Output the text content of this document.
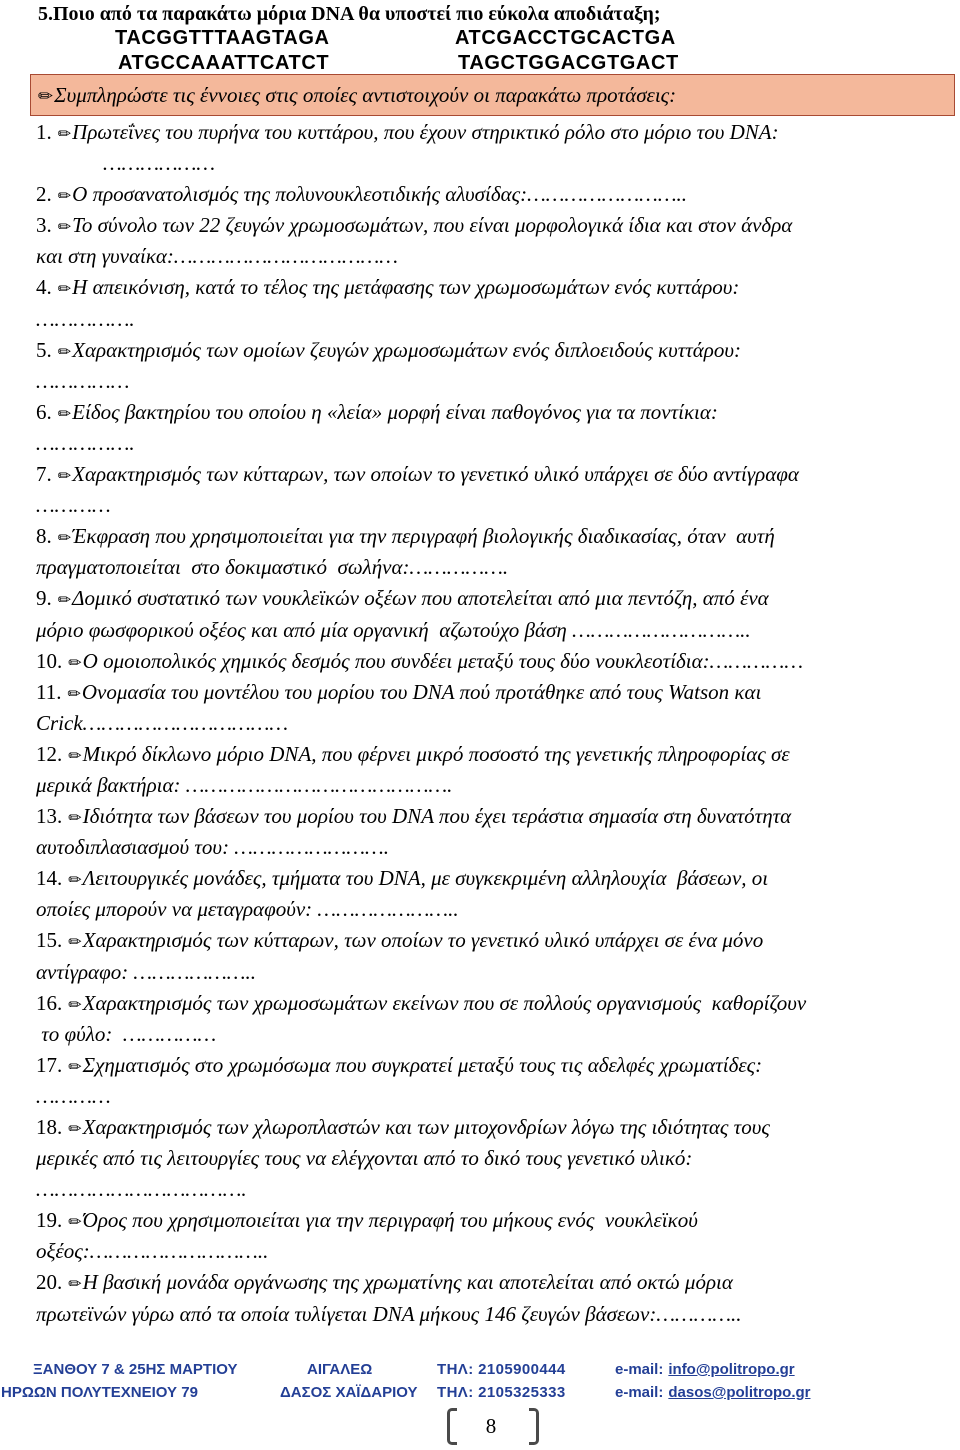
5.Ποιο από τα παρακάτω μόρια DNA θα υποστεί πιο εύκολα αποδιάταξη;
TACGGTTTAAGTAGA	ATCGACCTGCACTGA
ATGCCAAATTCATCT	TAGCTGGACGTGACT
✏ Συμπληρώστε τις έννοιες στις οποίες αντιστοιχούν οι παρακάτω προτάσεις:
1. ✏ Πρωτεΐνες του πυρήνα του κυττάρου, που έχουν στηρικτικό ρόλο στο μόριο του DNA:
………………
2. ✏ Ο προσανατολισμός της πολυνουκλεοτιδικής αλυσίδας:……………………..
3. ✏ Το σύνολο των 22 ζευγών χρωμοσωμάτων, που είναι μορφολογικά ίδια και στον άνδρα
και στη γυναίκα:………………………………
4. ✏ Η απεικόνιση, κατά το τέλος της μετάφασης των χρωμοσωμάτων ενός κυττάρου:
…………….
5. ✏ Χαρακτηρισμός των ομοίων ζευγών χρωμοσωμάτων ενός διπλοειδούς κυττάρου:
……………
6. ✏ Είδος βακτηρίου του οποίου η «λεία» μορφή είναι παθογόνος για τα ποντίκια:
…………….
7. ✏ Χαρακτηρισμός των κύτταρων, των οποίων το γενετικό υλικό υπάρχει σε δύο αντίγραφα
…………
8. ✏ Έκφραση που χρησιμοποιείται για την περιγραφή βιολογικής διαδικασίας, όταν  αυτή
πραγματοποιείται  στο δοκιμαστικό  σωλήνα:…………….
9. ✏ Δομικό συστατικό των νουκλεϊκών οξέων που αποτελείται από μια πεντόζη, από ένα
μόριο φωσφορικού οξέος και από μία οργανική  αζωτούχο βάση ………………………..
10. ✏ Ο ομοιοπολικός χημικός δεσμός που συνδέει μεταξύ τους δύο νουκλεοτίδια:……………
11. ✏ Ονομασία του μοντέλου του μορίου του DNA πού προτάθηκε από τους Watson και
Crick……………………………
12. ✏ Μικρό δίκλωνο μόριο DNA, που φέρνει μικρό ποσοστό της γενετικής πληροφορίας σε
μερικά βακτήρια: …………………………………….
13. ✏ Ιδιότητα των βάσεων του μορίου του DNA που έχει τεράστια σημασία στη δυνατότητα
αυτοδιπλασιασμού του: …………………….
14. ✏ Λειτουργικές μονάδες, τμήματα του DNA, με συγκεκριμένη αλληλουχία  βάσεων, οι
οποίες μπορούν να μεταγραφούν: …………………..
15. ✏ Χαρακτηρισμός των κύτταρων, των οποίων το γενετικό υλικό υπάρχει σε ένα μόνο
αντίγραφο: ………………..
16. ✏ Χαρακτηρισμός των χρωμοσωμάτων εκείνων που σε πολλούς οργανισμούς  καθορίζουν
το φύλο:  ……………
17. ✏ Σχηματισμός στο χρωμόσωμα που συγκρατεί μεταξύ τους τις αδελφές χρωματίδες:
…………
18. ✏ Χαρακτηρισμός των χλωροπλαστών και των μιτοχονδρίων λόγω της ιδιότητας τους
μερικές από τις λειτουργίες τους να ελέγχονται από το δικό τους γενετικό υλικό:
…………………………….
19. ✏ Όρος που χρησιμοποιείται για την περιγραφή του μήκους ενός  νουκλεϊκού
οξέος:………………………..
20. ✏ Η βασική μονάδα οργάνωσης της χρωματίνης και αποτελείται από οκτώ μόρια
πρωτεϊνών γύρω από τα οποία τυλίγεται DNA μήκους 146 ζευγών βάσεων:…………..
ΞΑΝΘΟΥ 7 & 25ΗΣ ΜΑΡΤΙΟΥ	ΑΙΓΑΛΕΩ	ΤΗΛ: 2105900444	e-mail: info@politropo.gr
ΗΡΩΩΝ ΠΟΛΥΤΕΧΝΕΙΟΥ 79	ΔΑΣΟΣ ΧΑΪΔΑΡΙΟΥ ΤΗΛ: 2105325333	e-mail: dasos@politropo.gr
8
